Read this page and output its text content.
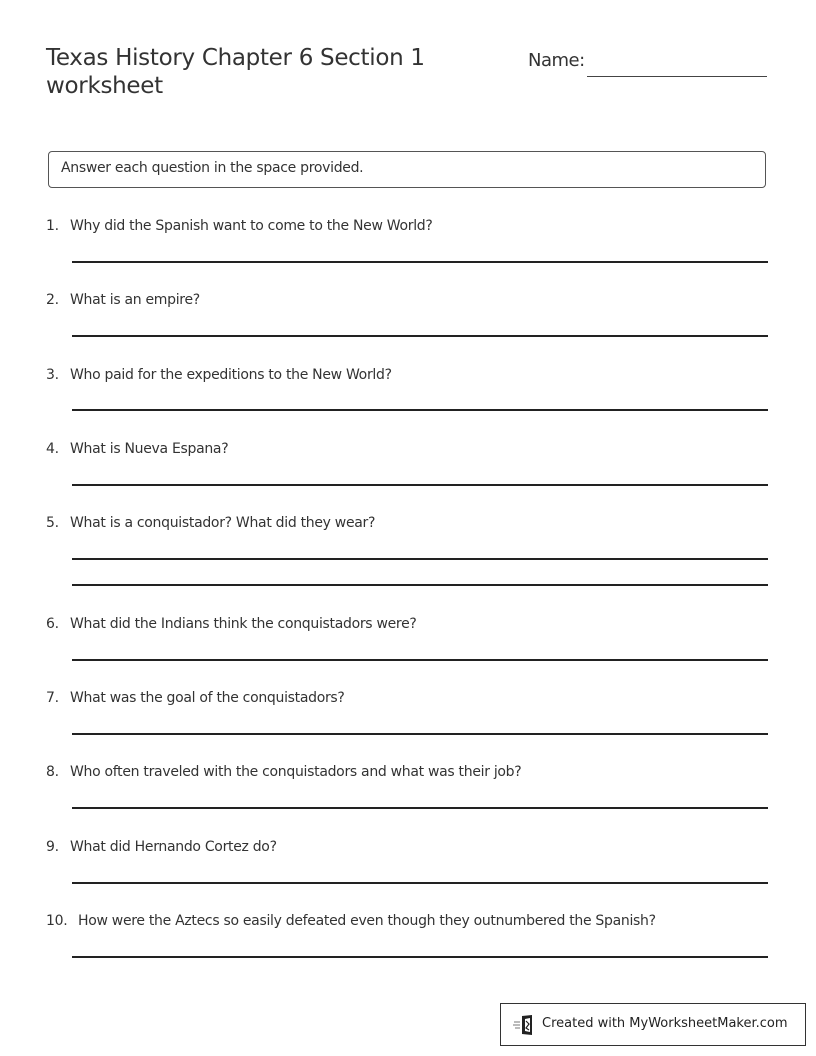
Texas History Chapter 6 Section 1 worksheet
Name:
Answer each question in the space provided.
1. Why did the Spanish want to come to the New World?
2. What is an empire?
3. Who paid for the expeditions to the New World?
4. What is Nueva Espana?
5. What is a conquistador? What did they wear?
6. What did the Indians think the conquistadors were?
7. What was the goal of the conquistadors?
8. Who often traveled with the conquistadors and what was their job?
9. What did Hernando Cortez do?
10. How were the Aztecs so easily defeated even though they outnumbered the Spanish?
Created with MyWorksheetMaker.com
